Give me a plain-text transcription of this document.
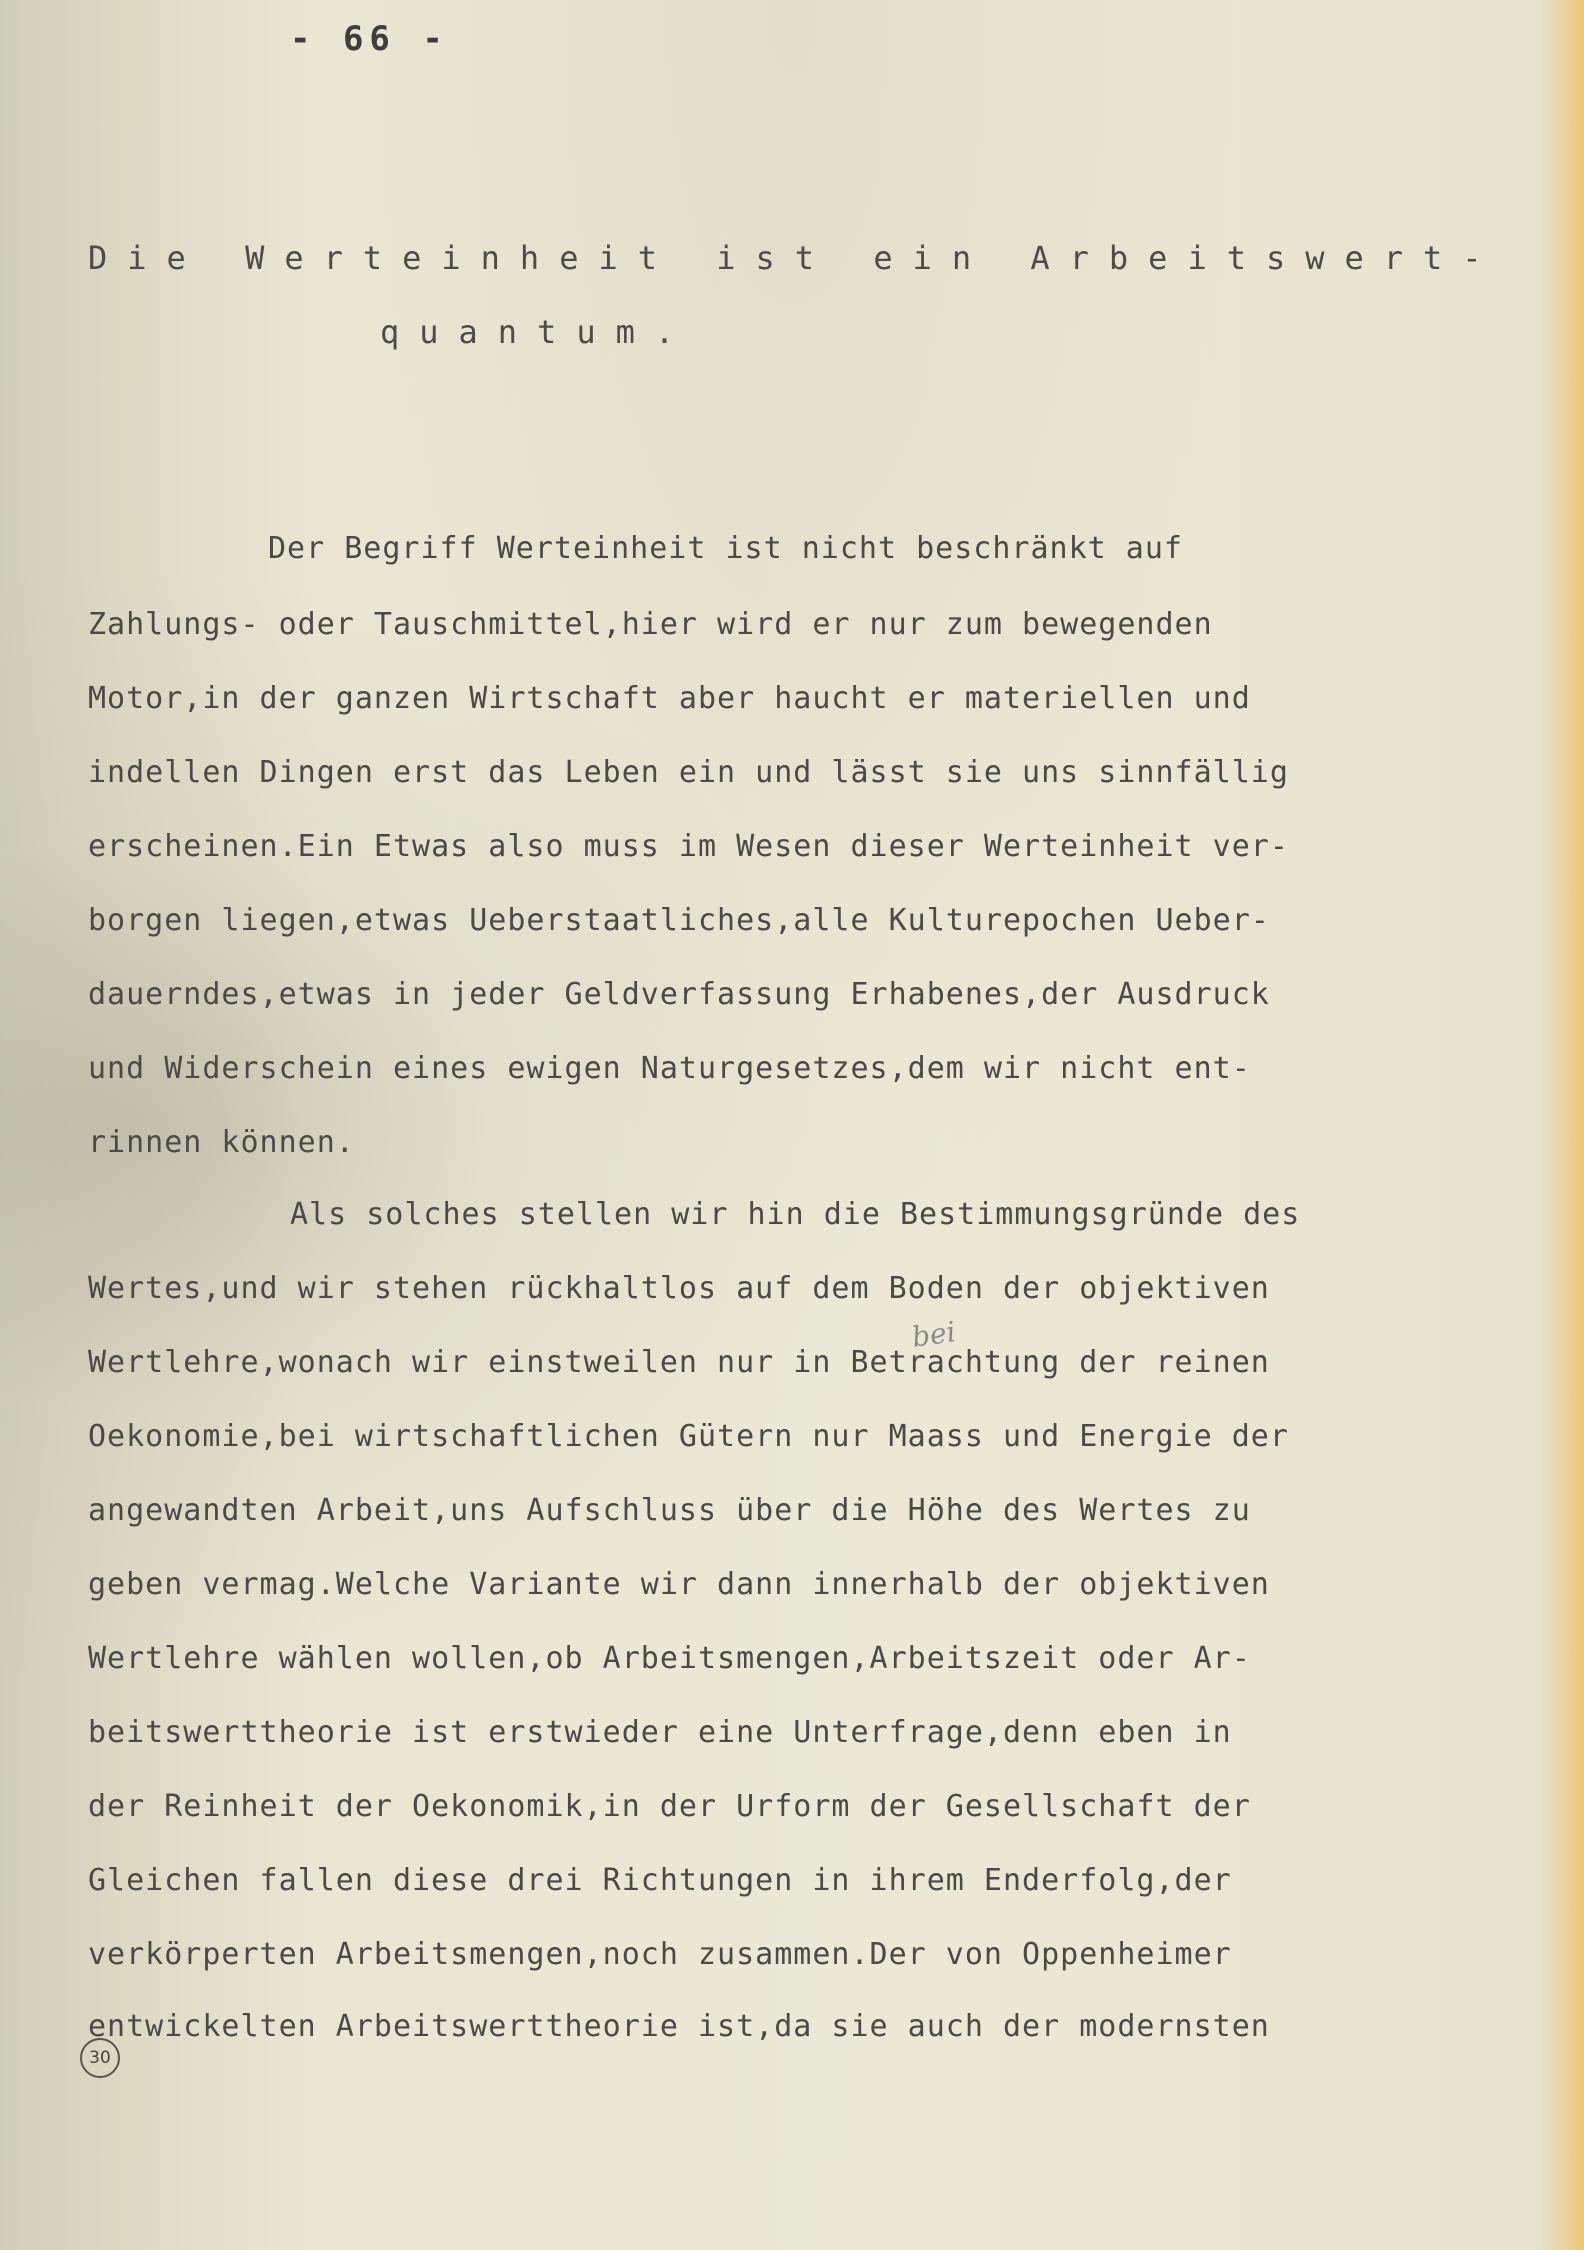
- 66 -

Die Werteinheit ist ein Arbeitswert-

quantum.

Der Begriff Werteinheit ist nicht beschränkt auf

Zahlungs- oder Tauschmittel,hier wird er nur zum bewegenden

Motor,in der ganzen Wirtschaft aber haucht er materiellen und

indellen Dingen erst das Leben ein und lässt sie uns sinnfällig

erscheinen.Ein Etwas also muss im Wesen dieser Werteinheit ver-

borgen liegen,etwas Ueberstaatliches,alle Kulturepochen Ueber-

dauerndes,etwas in jeder Geldverfassung Erhabenes,der Ausdruck

und Widerschein eines ewigen Naturgesetzes,dem wir nicht ent-

rinnen können.

Als solches stellen wir hin die Bestimmungsgründe des

Wertes,und wir stehen rückhaltlos auf dem Boden der objektiven

Wertlehre,wonach wir einstweilen nur in Betrachtung der reinen

Oekonomie,bei wirtschaftlichen Gütern nur Maass und Energie der

angewandten Arbeit,uns Aufschluss über die Höhe des Wertes zu

geben vermag.Welche Variante wir dann innerhalb der objektiven

Wertlehre wählen wollen,ob Arbeitsmengen,Arbeitszeit oder Ar-

beitswerttheorie ist erstwieder eine Unterfrage,denn eben in

der Reinheit der Oekonomik,in der Urform der Gesellschaft der

Gleichen fallen diese drei Richtungen in ihrem Enderfolg,der

verkörperten Arbeitsmengen,noch zusammen.Der von Oppenheimer

entwickelten Arbeitswerttheorie ist,da sie auch der modernsten

bei
30
